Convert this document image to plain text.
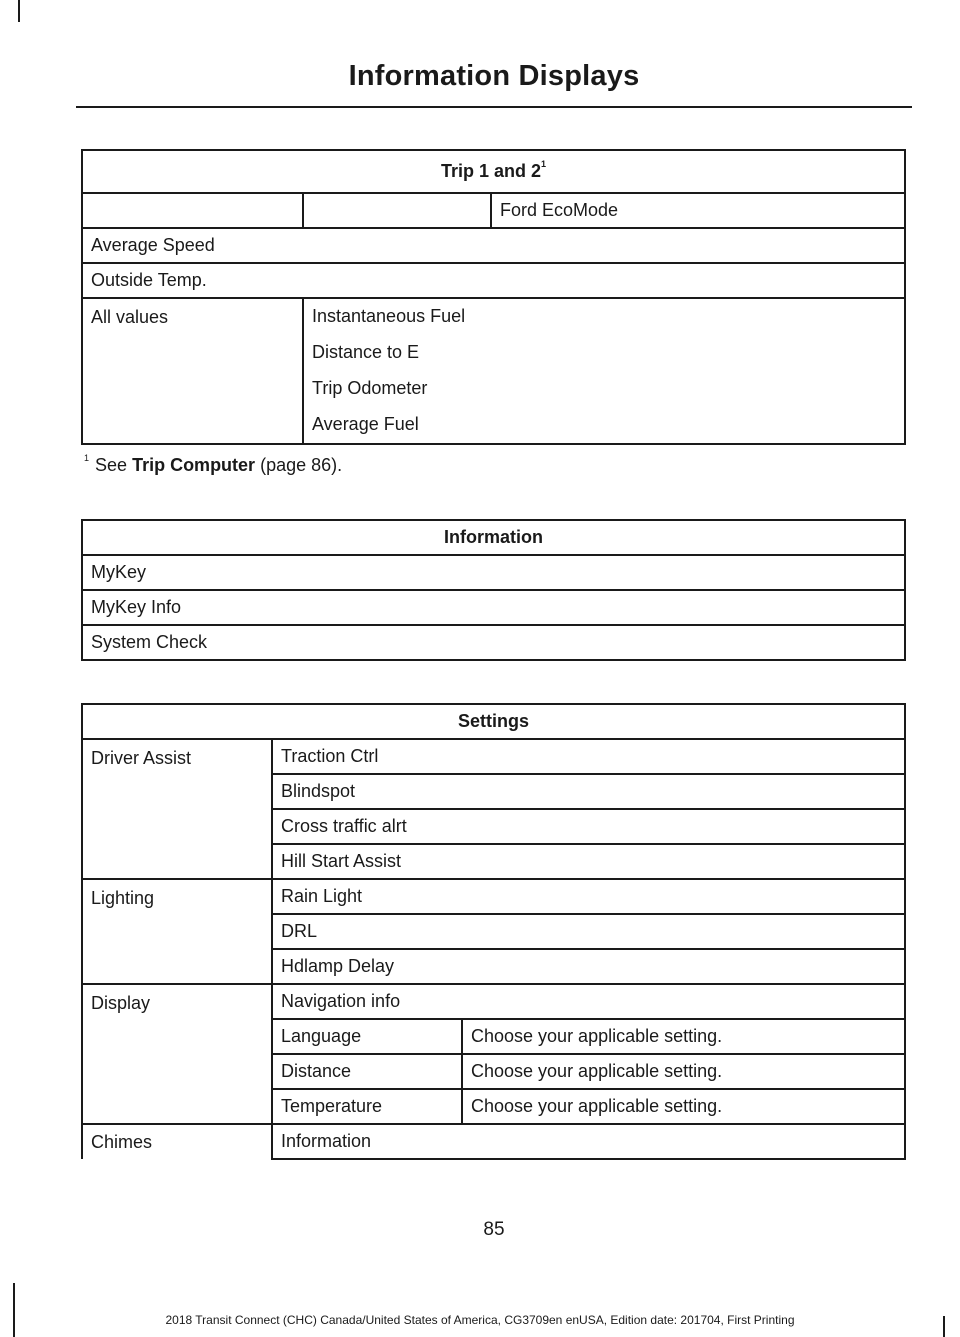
Information Displays
Trip 1 and $2^1$
		Ford EcoMode
Average Speed		
Outside Temp.		
All values	Instantaneous Fuel
Distance to E
Trip Odometer
Average Fuel	
$^1$ See Trip Computer (page 86).
Information
MyKey
MyKey Info
System Check
Settings		
Driver Assist	Traction Ctrl	
	Blindspot	
	Cross traffic alrt	
	Hill Start Assist	
Lighting	Rain Light	
	DRL	
	Hdlamp Delay	
Display	Navigation info	
	Language	Choose your applicable setting.
	Distance	Choose your applicable setting.
	Temperature	Choose your applicable setting.
Chimes	Information	
85
2018 Transit Connect (CHC) Canada/United States of America, CG3709en enUSA, Edition date: 201704, First Printing
